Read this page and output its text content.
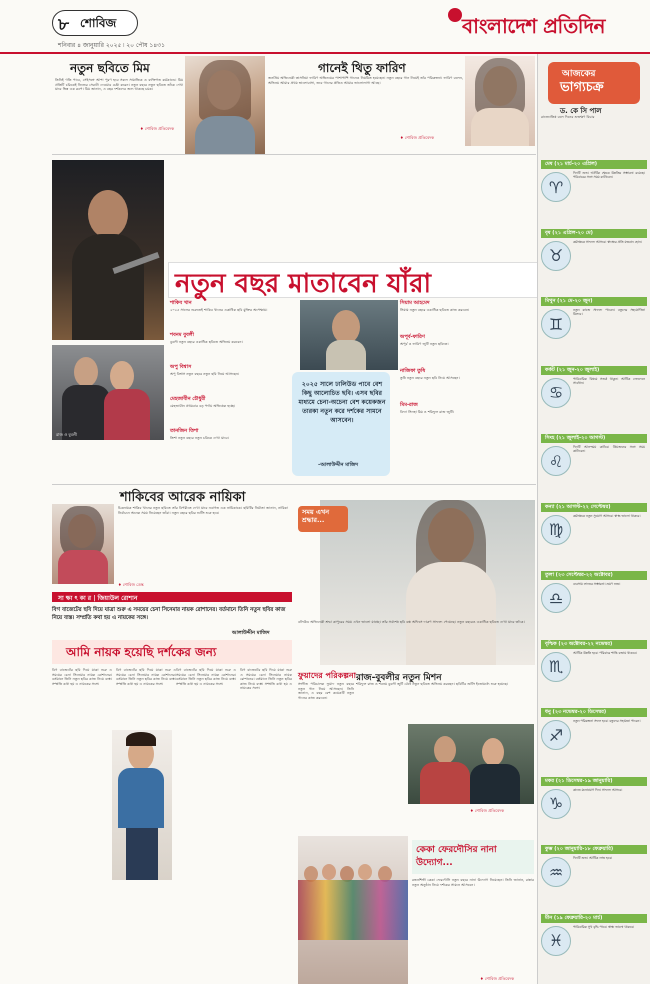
৮ শোবিজ
শনিবার ৪ জানুয়ারি ২০২৫ ৷ ২০ পৌষ ১৪৩১
বাংলাদেশ প্রতিদিন
নতুন ছবিতে মিম
তিনিই গতি পাবে, সেইসঙ্গে আশা পূরণ হবে সকল সামাজিক ও ব্যক্তিগত কর্মকাণ্ডে। মিম প্রতিটি চরিত্রেই নিজের সেরাটা দেওয়ার চেষ্টা করেন। নতুন বছরে নতুন ছবিতে তাঁকে দেখা যাবে ভিন্ন এক রূপে। মিম জানান, এ বছর দর্শকদের জন্য থাকছে চমক।
♦ শোবিজ প্রতিবেদক
গানেই থিতু ফারিণ
জনপ্রিয় অভিনেত্রী তাসনিয়া ফারিণ অভিনয়ের পাশাপাশি গানেও নিয়মিত হয়েছেন। নতুন বছরে গান নিয়েই তাঁর পরিকল্পনা। ফারিণ বলেন, অভিনয় আমার প্রথম ভালোবাসা, তবে গানের প্রতিও আমার ভালোলাগা আছে।
♦ শোবিজ প্রতিবেদক
নতুন বছর মাতাবেন যাঁরা
২০২৫ সালে ঢালিউড পাবে বেশ কিছু আলোচিত ছবি। এসব ছবির মাধ্যমে চেনা-অচেনা বেশ কয়েকজন তারকা নতুন করে দর্শকের সামনে আসবেন।
–আলাউদ্দীন মাজিদ
শাকিব খান
২০২৫ সালের শুরুতেই শাকিব খানের একাধিক ছবি মুক্তির অপেক্ষায়।
শবনম বুবলী
বুবলী নতুন বছরে একাধিক ছবিতে অভিনয় করবেন।
অপু বিশ্বাস
অপু বিশ্বাস নতুন বছরে নতুন ছবি নিয়ে আসছেন।
মেহজাবীন চৌধুরী
মেহজাবীন প্রথমবার বড় পর্দায় অভিষেক হচ্ছে।
তানজিন তিশা
তিশা নতুন বছরে নতুন চরিত্রে দেখা যাবে।
সিয়াম আহমেদ
সিয়াম নতুন বছরে একাধিক ছবিতে কাজ করবেন।
অপূর্ব-ফারিণ
অপূর্ব ও ফারিণ জুটি নতুন ছবিতে।
নাজিফা তুষি
তুষি নতুন বছরে নতুন ছবি নিয়ে আসছেন।
মিম-রাজ
বিদ্যা সিনহা মিম ও শরিফুল রাজ জুটি।
রাজ ও বুবলী
শাকিবের আরেক নায়িকা
চিত্রনায়ক শাকিব খানের নতুন ছবিতে তাঁর বিপরীতে দেখা যাবে নবাগত এক নায়িকাকে। ছবিটির নির্মাতা জানান, নায়িকা নির্বাচনে অনেক সময় নিয়েছেন তাঁরা। নতুন বছরে ছবির শুটিং শুরু হবে।
♦ শোবিজ ডেস্ক
সা ক্ষা ৎ কা র | জিয়াউল রোশান
বিগ বাজেটের ছবি দিয়ে যাত্রা শুরু এ সময়ের চেনা সিনেমার নায়ক রোশানের। বর্তমানে তিনি নতুন ছবির কাজ নিয়ে ব্যস্ত। সম্প্রতি কথা হয় এ নায়কের সঙ্গে।
আলাউদ্দীন মাজিদ
আমি নায়ক হয়েছি দর্শকের জন্য
বিগ বাজেটের ছবি দিয়ে যাত্রা শুরু এ সময়ের চেনা সিনেমার নায়ক রোশানের। বর্তমানে তিনি নতুন ছবির কাজ নিয়ে ব্যস্ত। সম্প্রতি কথা হয় এ নায়কের সঙ্গে।
বিগ বাজেটের ছবি দিয়ে যাত্রা শুরু এ সময়ের চেনা সিনেমার নায়ক রোশানের। বর্তমানে তিনি নতুন ছবির কাজ নিয়ে ব্যস্ত। সম্প্রতি কথা হয় এ নায়কের সঙ্গে।
বিগ বাজেটের ছবি দিয়ে যাত্রা শুরু এ সময়ের চেনা সিনেমার নায়ক রোশানের। বর্তমানে তিনি নতুন ছবির কাজ নিয়ে ব্যস্ত। সম্প্রতি কথা হয় এ নায়কের সঙ্গে।
বিগ বাজেটের ছবি দিয়ে যাত্রা শুরু এ সময়ের চেনা সিনেমার নায়ক রোশানের। বর্তমানে তিনি নতুন ছবির কাজ নিয়ে ব্যস্ত। সম্প্রতি কথা হয় এ নায়কের সঙ্গে।
সময় এখন শ্রদ্ধার...
বলিউড অভিনেত্রী শ্রদ্ধা কাপুরের সময় এখন ভালো যাচ্ছে। তাঁর সর্বশেষ ছবি বক্স অফিসে দারুণ সাফল্য পেয়েছে। নতুন বছরেও একাধিক ছবিতে দেখা যাবে তাঁকে।
ফুয়াদের পরিকল্পনা
সংগীত পরিচালক ফুয়াদ নতুন বছরে নতুন গান নিয়ে আসছেন। তিনি জানান, এ বছর বেশ কয়েকটি নতুন গানের কাজ করবেন।
রাজ-বুবলীর নতুন মিশন
শরিফুল রাজ ও শবনম বুবলী জুটি বেঁধে নতুন ছবিতে অভিনয় করছেন। ছবিটির শুটিং ইতোমধ্যে শুরু হয়েছে।
♦ শোবিজ প্রতিবেদক
কেকা ফেরদৌসির নানা উদ্যোগ...
রন্ধনশিল্পী কেকা ফেরদৌসি নতুন বছরে নানা উদ্যোগ নিয়েছেন। তিনি জানান, রান্নার নতুন অনুষ্ঠান নিয়ে দর্শকের সামনে আসবেন।
♦ শোবিজ প্রতিবেদক
আজকের
ভাগ্যচক্র
ড. কে সি পাল
রাজ্যোতিষ বলে দিনের শুভক্ষণ বিচার
মেষ (২১ মার্চ-২০ এপ্রিল)
♈
দিনটি শুভ। আর্থিক ক্ষেত্রে উন্নতির সম্ভাবনা রয়েছে। পরিবারের সঙ্গে সময় কাটাবেন।
বৃষ (২১ এপ্রিল-২০ মে)
♉
কর্মক্ষেত্রে সাফল্য আসবে। স্বাস্থ্যের প্রতি যত্নবান হোন।
মিথুন (২১ মে-২০ জুন)
♊
নতুন কাজে সাফল্য পাবেন। বন্ধুদের সহযোগিতা মিলবে।
কর্কট (২১ জুন-২০ জুলাই)
♋
পারিবারিক বিষয়ে সতর্ক থাকুন। আর্থিক লেনদেনে সাবধান।
সিংহ (২১ জুলাই-২০ আগস্ট)
♌
দিনটি আনন্দময় কাটবে। প্রিয়জনের সঙ্গে সময় কাটাবেন।
কন্যা (২১ আগস্ট-২২ সেপ্টেম্বর)
♍
কর্মক্ষেত্রে নতুন সুযোগ আসবে। স্বাস্থ্য ভালো থাকবে।
তুলা (২৩ সেপ্টেম্বর-২২ অক্টোবর)
♎
ব্যবসায় লাভের সম্ভাবনা। ভ্রমণ শুভ।
বৃশ্চিক (২৩ অক্টোবর-২২ নভেম্বর)
♏
আর্থিক উন্নতি হবে। পরিবারে শান্তি বজায় থাকবে।
ধনু (২৩ নভেম্বর-২০ ডিসেম্বর)
♐
নতুন পরিকল্পনা সফল হবে। বন্ধুদের সহায়তা পাবেন।
মকর (২১ ডিসেম্বর-১৯ জানুয়ারি)
♑
কাজে মনোযোগ দিন। সাফল্য আসবে।
কুম্ভ (২০ জানুয়ারি-১৮ ফেব্রুয়ারি)
♒
দিনটি শুভ। আর্থিক লাভ হবে।
মীন (১৯ ফেব্রুয়ারি-২০ মার্চ)
♓
পারিবারিক সুখ বৃদ্ধি পাবে। স্বাস্থ্য ভালো থাকবে।
